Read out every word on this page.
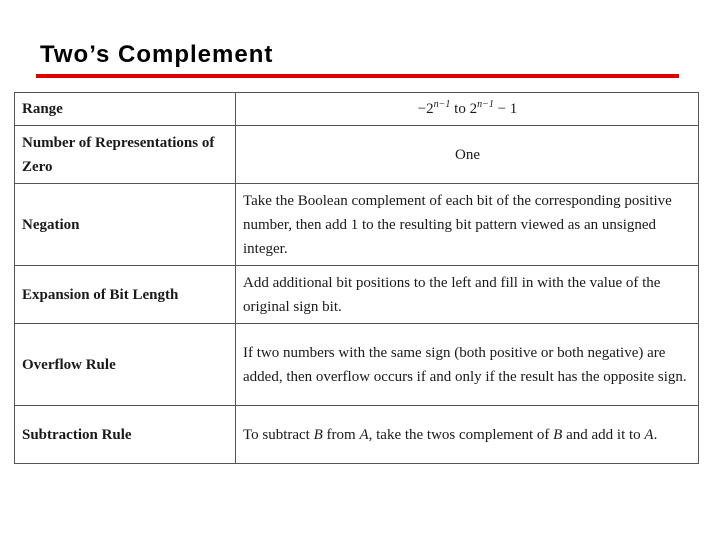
Two’s Complement
Range	$-2^{n-1}$ to $2^{n-1} - 1$
Number of Representations of Zero	One
Negation	Take the Boolean complement of each bit of the corresponding positive number, then add 1 to the resulting bit pattern viewed as an unsigned integer.
Expansion of Bit Length	Add additional bit positions to the left and fill in with the value of the original sign bit.
Overflow Rule	If two numbers with the same sign (both positive or both negative) are added, then overflow occurs if and only if the result has the opposite sign.
Subtraction Rule	To subtract B from A, take the twos complement of B and add it to A.
